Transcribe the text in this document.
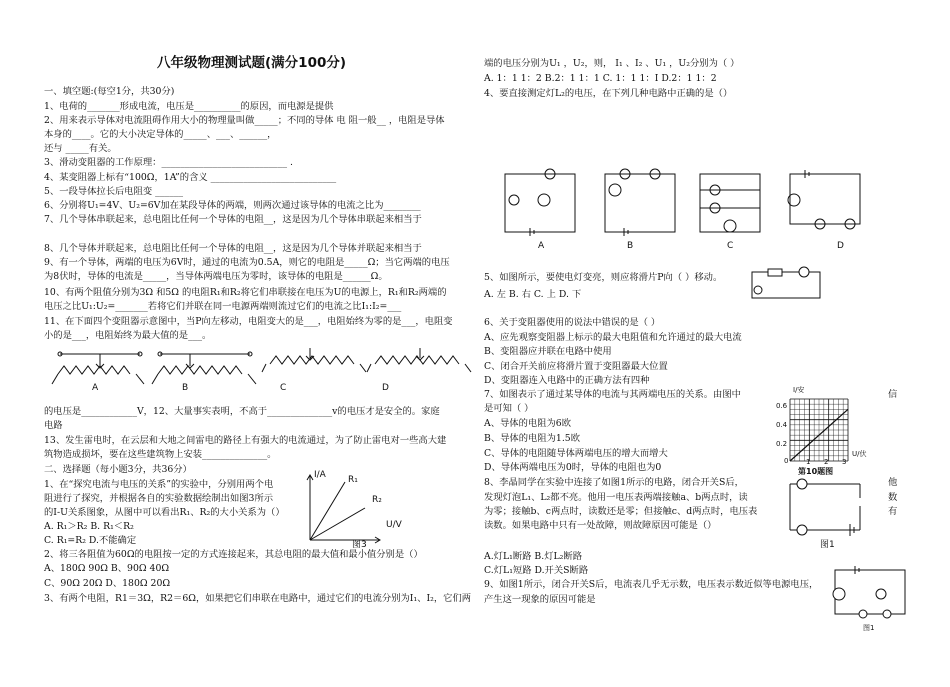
八年级物理测试题(满分100分)
一、填空题:(每空1分，共30分)
1、电荷的_______形成电流，电压是__________的原因，而电源是提供
2、用来表示导体对电流阻碍作用大小的物理量叫做_____；不同的导体 电 阻一般__ ，电阻是导体
本身的____。它的大小决定导体的_____、___、______，
还与 _____有关。
3、滑动变阻器的工作原理：___________________________ .
4、某变阻器上标有“100Ω，1A”的含义 ___________________________
5、一段导体拉长后电阻变 ______
6、分别将U₁=4V、U₂=6V加在某段导体的两端，则两次通过该导体的电流之比为________
7、几个导体串联起来，总电阻比任何一个导体的电阻__，这是因为几个导体串联起来相当于
8、几个导体并联起来，总电阻比任何一个导体的电阻__，这是因为几个导体并联起来相当于
9、有一个导体，两端的电压为6V时，通过的电流为0.5A，则它的电阻是_____Ω；当它两端的电压
为8伏时，导体的电流是_____，当导体两端电压为零时，该导体的电阻是______Ω。
10、有两个阻值分别为3Ω 和5Ω 的电阻R₁和R₂将它们串联接在电压为U的电源上，R₁和R₂两端的
电压之比U₁:U₂=_______若将它们并联在同一电源两端则流过它们的电流之比I₁:I₂=___
11、在下面四个变阻器示意图中，当P向左移动，电阻变大的是___，电阻始终为零的是___，电阻变
小的是___，电阻始终为最大值的是___。
的电压是____________V，12、大量事实表明，不高于______________v的电压才是安全的。家庭
电路
13、发生雷电时，在云层和大地之间雷电的路径上有强大的电流通过，为了防止雷电对一些高大建
筑物造成损坏，要在这些建筑物上安装______________。
二、选择题（每小题3分，共36分）
1、在“探究电流与电压的关系”的实验中，分别用两个电
阻进行了探究，并根据各自的实验数据绘制出如图3所示
的I-U关系图象，从图中可以看出R₁、R₂的大小关系为（）
A. R₁＞R₂ B. R₁＜R₂
C. R₁=R₂ D.不能确定
2、将三各阻值为60Ω的电阻按一定的方式连接起来，其总电阻的最大值和最小值分别是（）
A、180Ω 90Ω B、90Ω 40Ω
C、90Ω 20Ω D、180Ω 20Ω
3、有两个电阻，R1＝3Ω，R2＝6Ω，如果把它们串联在电路中，通过它们的电流分别为I₁、I₂，它们两
端的电压分别为U₁ ，U₂，则， I₁ 、I₂ 、U₁ ，U₂分别为（ ）
A. 1：1 1：2 B.2：1 1：1 C. 1：1 1：I D.2：1 1：2
4、要直接测定灯L₂的电压，在下列几种电路中正确的是（）
5、如图所示，要使电灯变亮，则应将滑片P向（ ）移动。
A. 左 B. 右 C. 上 D. 下
6、关于变阻器使用的说法中错误的是（ ）
A、应先观察变阻器上标示的最大电阻值和允许通过的最大电流
B、变阻器应并联在电路中使用
C、闭合开关前应将滑片置于变阻器最大位置
D、变阻器连入电路中的正确方法有四种
7、如图表示了通过某导体的电流与其两端电压的关系。由图中
是可知（ ）
A、导体的电阻为6欧
B、导体的电阻为1.5欧
C、导体的电阻随导体两端电压的增大而增大
D、导体两端电压为0时，导体的电阻也为0
8、李晶同学在实验中连接了如图1所示的电路，闭合开关S后，
发现灯泡L₁、L₂都不亮。他用一电压表两端接触a、b两点时，读
为零；接触b、c两点时，读数还是零；但接触c、d两点时，电压表
读数。如果电路中只有一处故障，则故障原因可能是（）
A.灯L₁断路 B.灯L₂断路
C.灯L₁短路 D.开关S断路
9、如图1所示，闭合开关S后，电流表几乎无示数，电压表示数近似等电源电压，
产生这一现象的原因可能是
信
他
数
有
A	B	C	D
I/A R₁
R₂
U/V
图3
A	B	C	D
I/安
0.6
0.4
0.2
0	1 2 3
U/伏
第10题图
图1
图1
